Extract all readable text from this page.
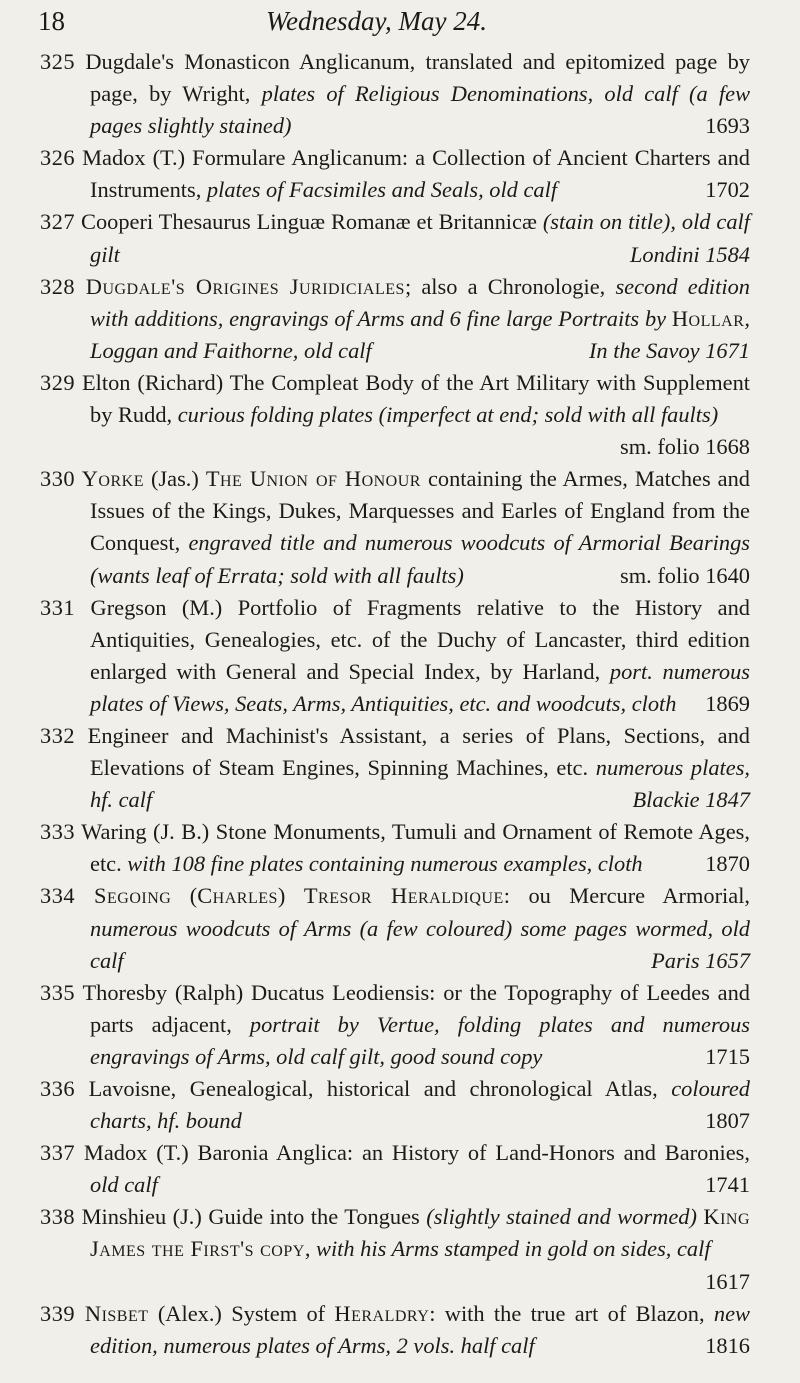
18	Wednesday, May 24.
325 Dugdale's Monasticon Anglicanum, translated and epitomized page by page, by Wright, plates of Religious Denominations, old calf (a few pages slightly stained)	1693
326 Madox (T.) Formulare Anglicanum: a Collection of Ancient Charters and Instruments, plates of Facsimiles and Seals, old calf	1702
327 Cooperi Thesaurus Linguæ Romanæ et Britannicæ (stain on title), old calf gilt	Londini 1584
328 Dugdale's Origines Juridiciales; also a Chronologie, second edition with additions, engravings of Arms and 6 fine large Portraits by Hollar, Loggan and Faithorne, old calf	In the Savoy 1671
329 Elton (Richard) The Compleat Body of the Art Military with Supplement by Rudd, curious folding plates (imperfect at end; sold with all faults)
sm. folio 1668
330 Yorke (Jas.) The Union of Honour containing the Armes, Matches and Issues of the Kings, Dukes, Marquesses and Earles of England from the Conquest, engraved title and numerous woodcuts of Armorial Bearings (wants leaf of Errata; sold with all faults)	sm. folio 1640
331 Gregson (M.) Portfolio of Fragments relative to the History and Antiquities, Genealogies, etc. of the Duchy of Lancaster, third edition enlarged with General and Special Index, by Harland, port. numerous plates of Views, Seats, Arms, Antiquities, etc. and woodcuts, cloth 1869
332 Engineer and Machinist's Assistant, a series of Plans, Sections, and Elevations of Steam Engines, Spinning Machines, etc. numerous plates, hf. calf	Blackie 1847
333 Waring (J. B.) Stone Monuments, Tumuli and Ornament of Remote Ages, etc. with 108 fine plates containing numerous examples, cloth	1870
334 Segoing (Charles) Tresor Heraldique: ou Mercure Armorial, numerous woodcuts of Arms (a few coloured) some pages wormed, old calf	Paris 1657
335 Thoresby (Ralph) Ducatus Leodiensis: or the Topography of Leedes and parts adjacent, portrait by Vertue, folding plates and numerous engravings of Arms, old calf gilt, good sound copy	1715
336 Lavoisne, Genealogical, historical and chronological Atlas, coloured charts, hf. bound	1807
337 Madox (T.) Baronia Anglica: an History of Land-Honors and Baronies, old calf	1741
338 Minshieu (J.) Guide into the Tongues (slightly stained and wormed) King James the First's copy, with his Arms stamped in gold on sides, calf
1617
339 Nisbet (Alex.) System of Heraldry: with the true art of Blazon, new edition, numerous plates of Arms, 2 vols. half calf	1816
